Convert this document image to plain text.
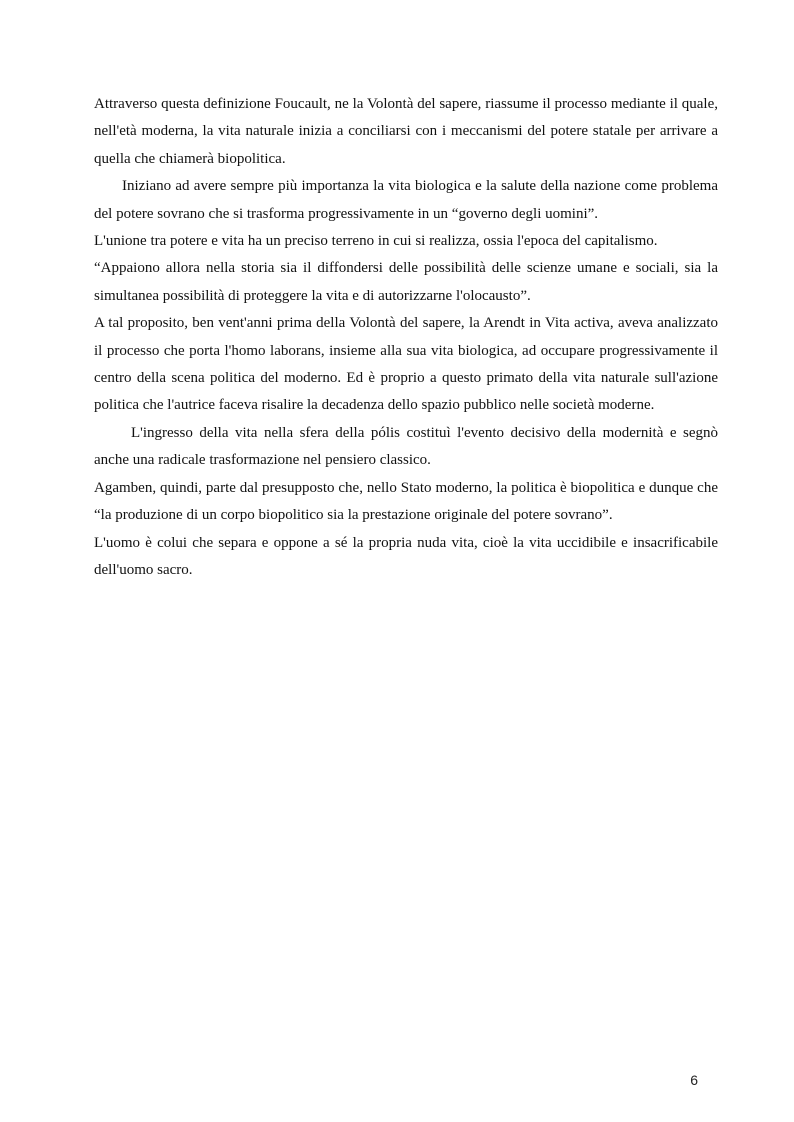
Attraverso questa definizione Foucault, ne la Volontà del sapere, riassume il processo mediante il quale, nell'età moderna, la vita naturale inizia a conciliarsi con i meccanismi del potere statale per arrivare a quella che chiamerà biopolitica.

Iniziano ad avere sempre più importanza la vita biologica e la salute della nazione come problema del potere sovrano che si trasforma progressivamente in un “governo degli uomini”.

L'unione tra potere e vita ha un preciso terreno in cui si realizza, ossia l'epoca del capitalismo.

“Appaiono allora nella storia sia il diffondersi delle possibilità delle scienze umane e sociali, sia la simultanea possibilità di proteggere la vita e di autorizzarne l'olocausto”.

A tal proposito, ben vent'anni prima della Volontà del sapere, la Arendt in Vita activa, aveva analizzato il processo che porta l'homo laborans, insieme alla sua vita biologica, ad occupare progressivamente il centro della scena politica del moderno. Ed è proprio a questo primato della vita naturale sull'azione politica che l'autrice faceva risalire la decadenza dello spazio pubblico nelle società moderne.

L'ingresso della vita nella sfera della pólis costituì l'evento decisivo della modernità e segnò anche una radicale trasformazione nel pensiero classico.

Agamben, quindi, parte dal presupposto che, nello Stato moderno, la politica è biopolitica e dunque che “la produzione di un corpo biopolitico sia la prestazione originale del potere sovrano”.

L'uomo è colui che separa e oppone a sé la propria nuda vita, cioè la vita uccidibile e insacrificabile dell'uomo sacro.

6
